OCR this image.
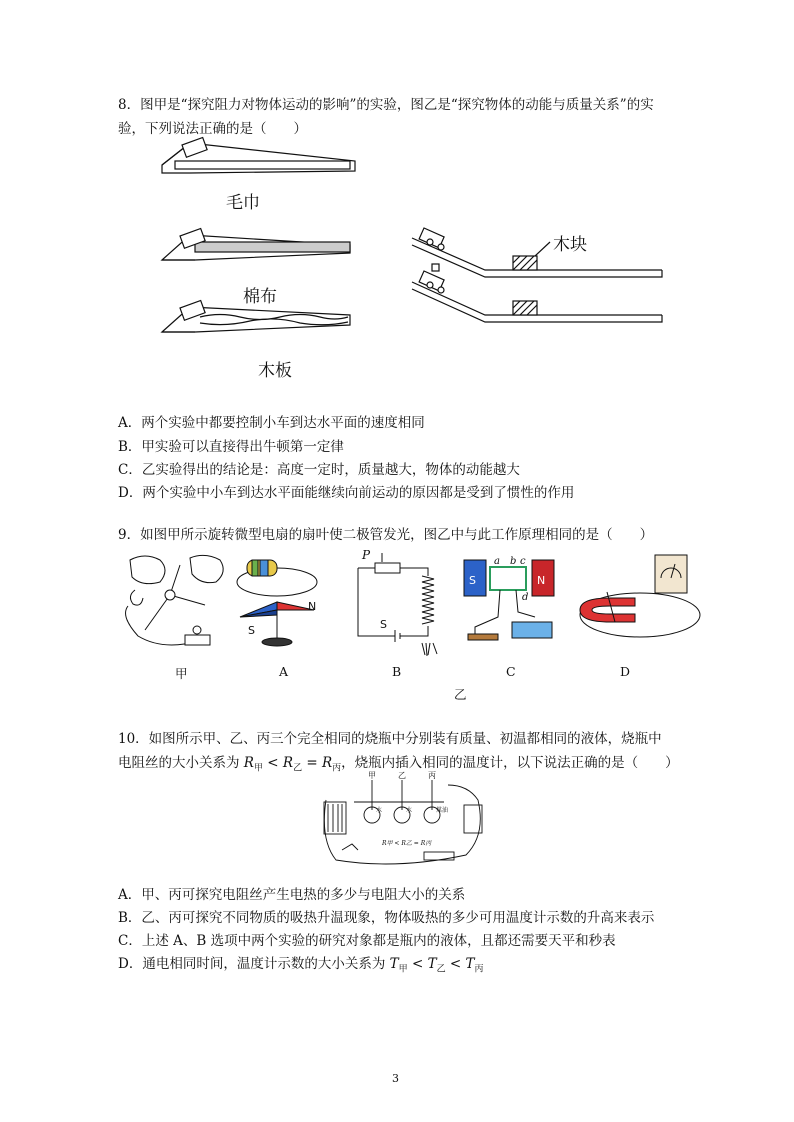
8．图甲是“探究阻力对物体运动的影响”的实验，图乙是“探究物体的动能与质量关系”的实
验，下列说法正确的是（　　）
毛巾
棉布
木板
木块
A．两个实验中都要控制小车到达水平面的速度相同
B．甲实验可以直接得出牛顿第一定律
C．乙实验得出的结论是：高度一定时，质量越大，物体的动能越大
D．两个实验中小车到达水平面能继续向前运动的原因都是受到了惯性的作用
9．如图甲所示旋转微型电扇的扇叶使二极管发光，图乙中与此工作原理相同的是（　　）
S
N
P
S
S	N
a b c
d
甲	A	B	C	D
乙
10．如图所示甲、乙、丙三个完全相同的烧瓶中分别装有质量、初温都相同的液体，烧瓶中
电阻丝的大小关系为 $R_甲 < R_乙 = R_丙$，烧瓶内插入相同的温度计，以下说法正确的是（　　）
甲	乙	丙
水	水	煤油
R甲 < R乙 = R丙
A．甲、丙可探究电阻丝产生电热的多少与电阻大小的关系
B．乙、丙可探究不同物质的吸热升温现象，物体吸热的多少可用温度计示数的升高来表示
C．上述 A、B 选项中两个实验的研究对象都是瓶内的液体，且都还需要天平和秒表
D．通电相同时间，温度计示数的大小关系为 $T_甲 < T_乙 < T_丙$
3
